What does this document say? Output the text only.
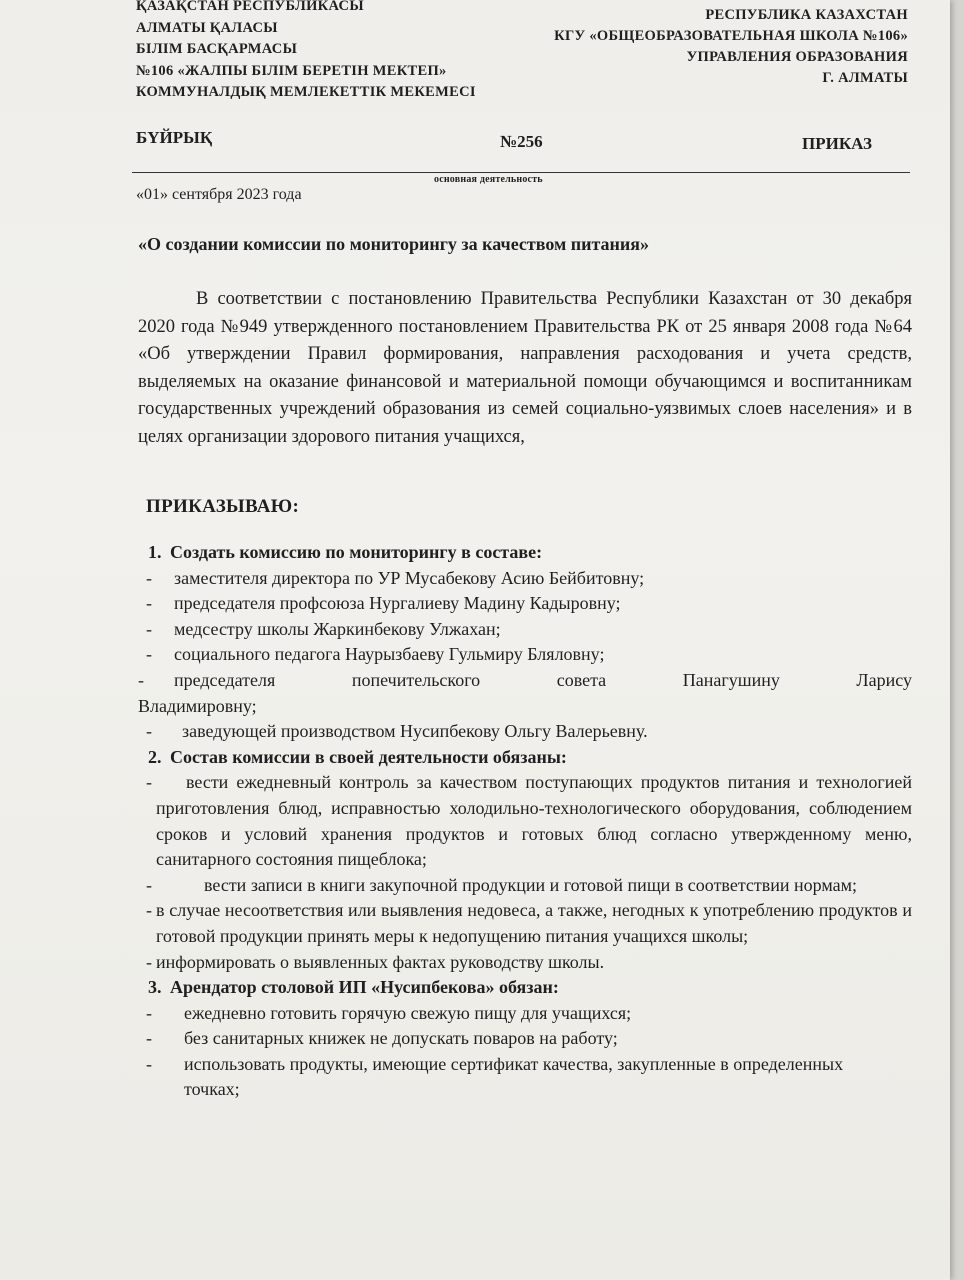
ҚАЗАҚСТАН РЕСПУБЛИКАСЫ
АЛМАТЫ ҚАЛАСЫ
БІЛІМ БАСҚАРМАСЫ
№106 «ЖАЛПЫ БІЛІМ БЕРЕТІН МЕКТЕП»
КОММУНАЛДЫҚ МЕМЛЕКЕТТІК МЕКЕМЕСІ
РЕСПУБЛИКА КАЗАХСТАН
КГУ «ОБЩЕОБРАЗОВАТЕЛЬНАЯ ШКОЛА №106»
УПРАВЛЕНИЯ ОБРАЗОВАНИЯ
Г. АЛМАТЫ
БҮЙРЫҚ	№256	ПРИКАЗ
основная деятельность
«01» сентября 2023 года
«О создании комиссии по мониторингу за качеством питания»
В соответствии с постановлению Правительства Республики Казахстан от 30 декабря 2020 года №949 утвержденного постановлением Правительства РК от 25 января 2008 года №64 «Об утверждении Правил формирования, направления расходования и учета средств, выделяемых на оказание финансовой и материальной помощи обучающимся и воспитанникам государственных учреждений образования из семей социально-уязвимых слоев населения» и в целях организации здорового питания учащихся,
ПРИКАЗЫВАЮ:

1. Создать комиссию по мониторингу в составе:

- заместителя директора по УР Мусабекову Асию Бейбитовну;

- председателя профсоюза Нургалиеву Мадину Кадыровну;

- медсестру школы Жаркинбекову Улжахан;

- социального педагога Наурызбаеву Гульмиру Бляловну;

- председателя попечительского совета Панагушину Ларису Владимировну;

- заведующей производством Нусипбекову Ольгу Валерьевну.

2. Состав комиссии в своей деятельности обязаны:

- вести ежедневный контроль за качеством поступающих продуктов питания и технологией приготовления блюд, исправностью холодильно-технологического оборудования, соблюдением сроков и условий хранения продуктов и готовых блюд согласно утвержденному меню, санитарного состояния пищеблока;

-	вести записи в книги закупочной продукции и готовой пищи в соответствии нормам;

- в случае несоответствия или выявления недовеса, а также, негодных к употреблению продуктов и готовой продукции принять меры к недопущению питания учащихся школы;

- информировать о выявленных фактах руководству школы.

3. Арендатор столовой ИП «Нусипбекова» обязан:

- ежедневно готовить горячую свежую пищу для учащихся;

- без санитарных книжек не допускать поваров на работу;

- использовать продукты, имеющие сертификат качества, закупленные в определенных точках;
